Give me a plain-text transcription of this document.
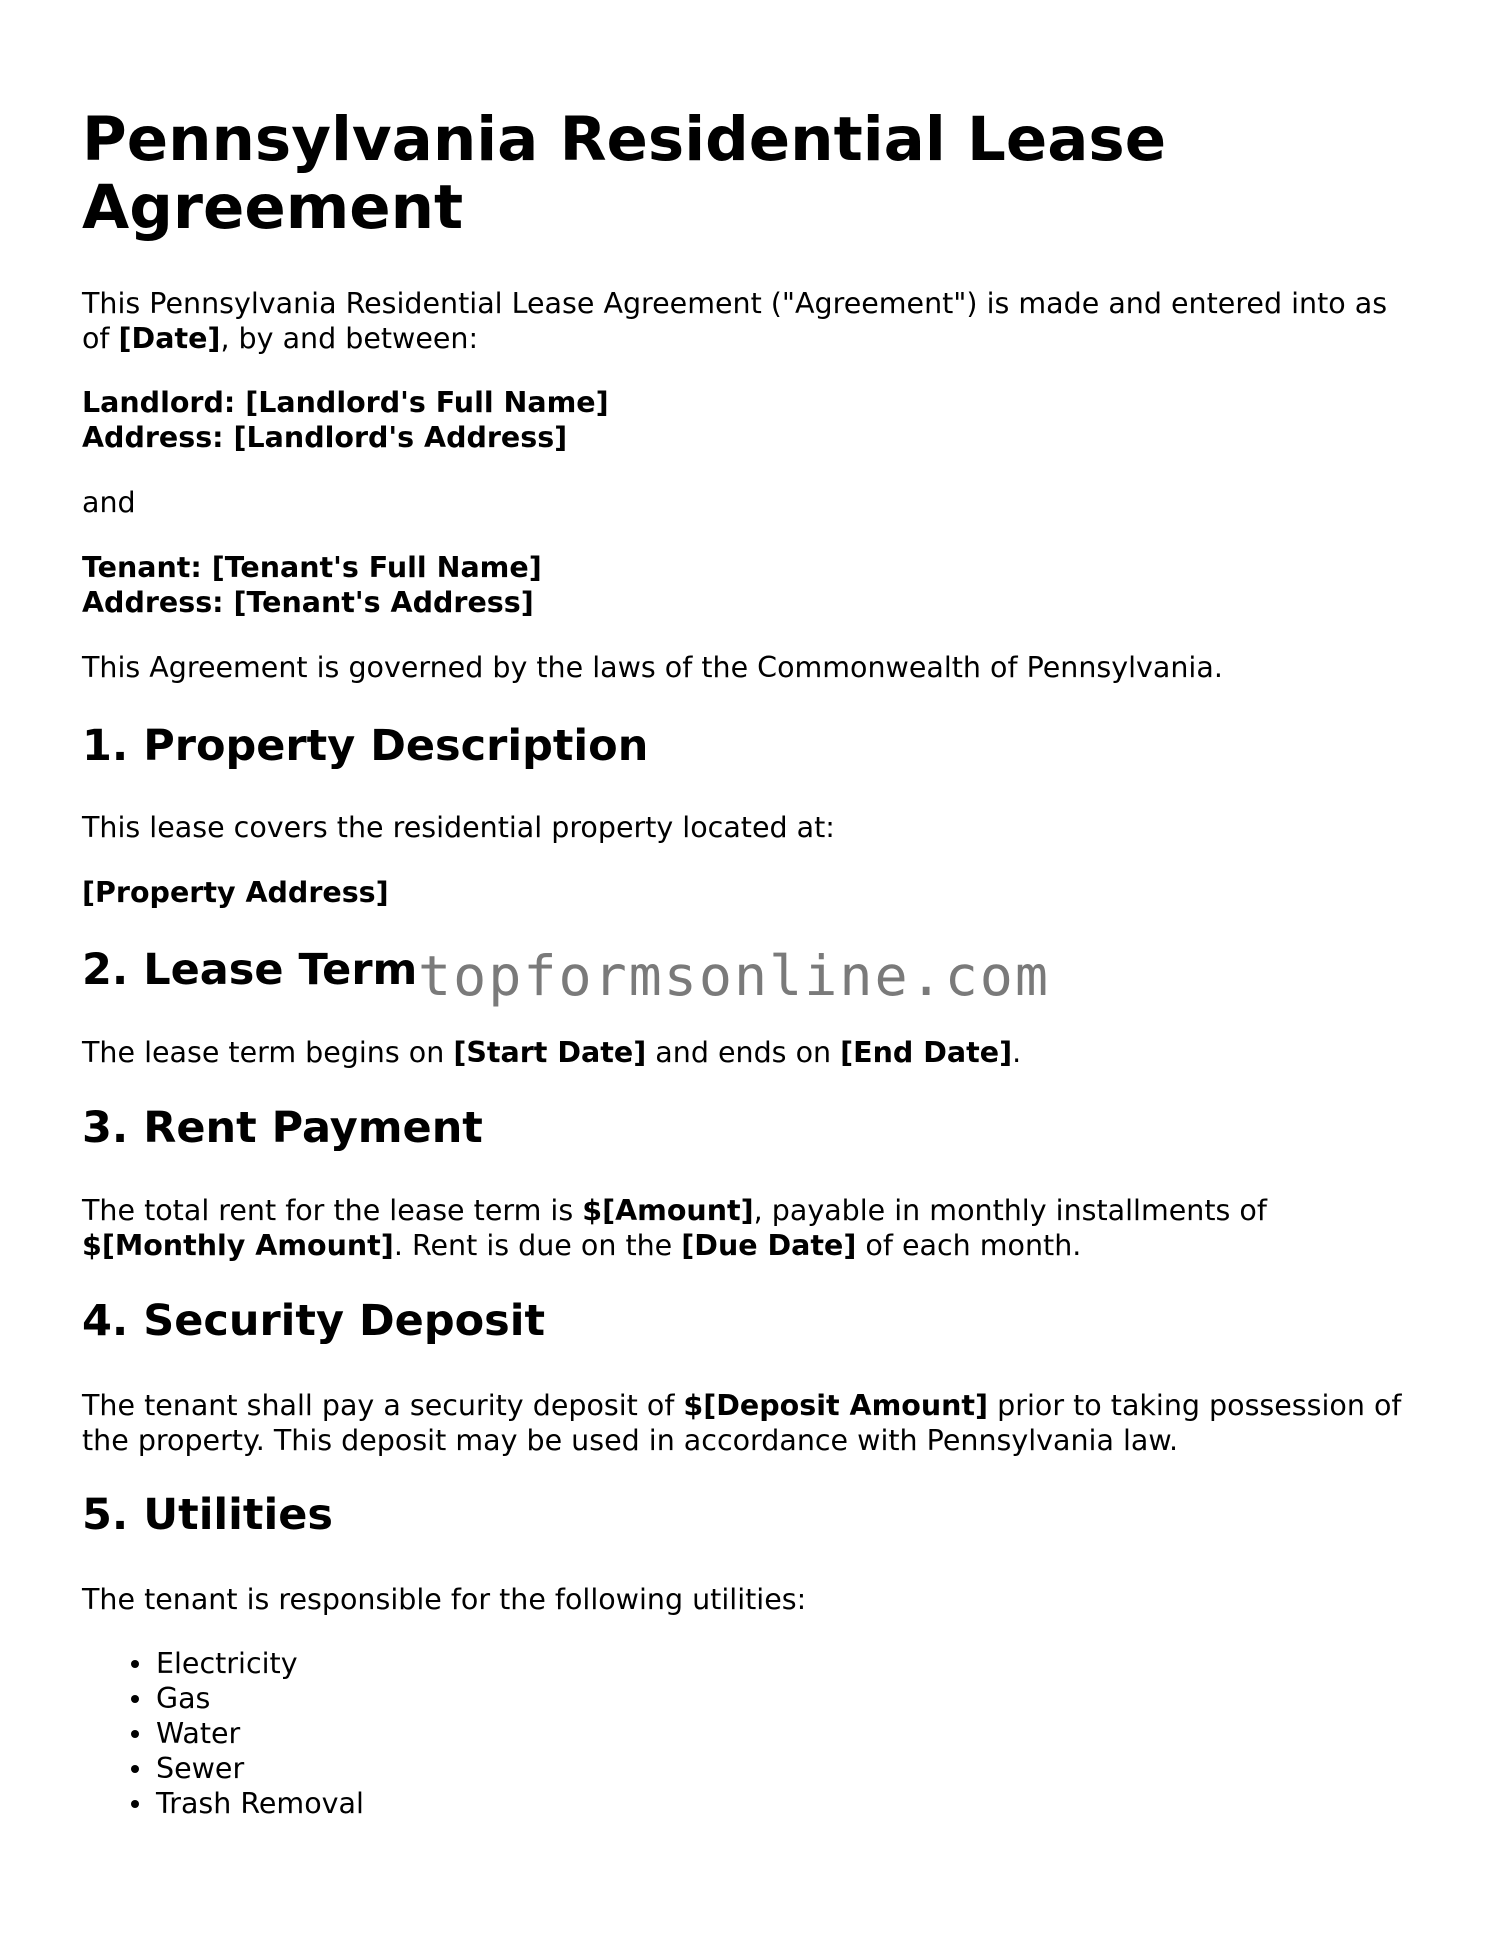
Pennsylvania Residential Lease Agreement

This Pennsylvania Residential Lease Agreement ("Agreement") is made and entered into as of [Date], by and between:

Landlord: [Landlord's Full Name]
Address: [Landlord's Address]

and

Tenant: [Tenant's Full Name]
Address: [Tenant's Address]

This Agreement is governed by the laws of the Commonwealth of Pennsylvania.

1. Property Description

This lease covers the residential property located at:

[Property Address]

2. Lease Term

The lease term begins on [Start Date] and ends on [End Date].

3. Rent Payment

The total rent for the lease term is $[Amount], payable in monthly installments of $[Monthly Amount]. Rent is due on the [Due Date] of each month.

4. Security Deposit

The tenant shall pay a security deposit of $[Deposit Amount] prior to taking possession of the property. This deposit may be used in accordance with Pennsylvania law.

5. Utilities

The tenant is responsible for the following utilities:

Electricity
Gas
Water
Sewer
Trash Removal
topformsonline.com
